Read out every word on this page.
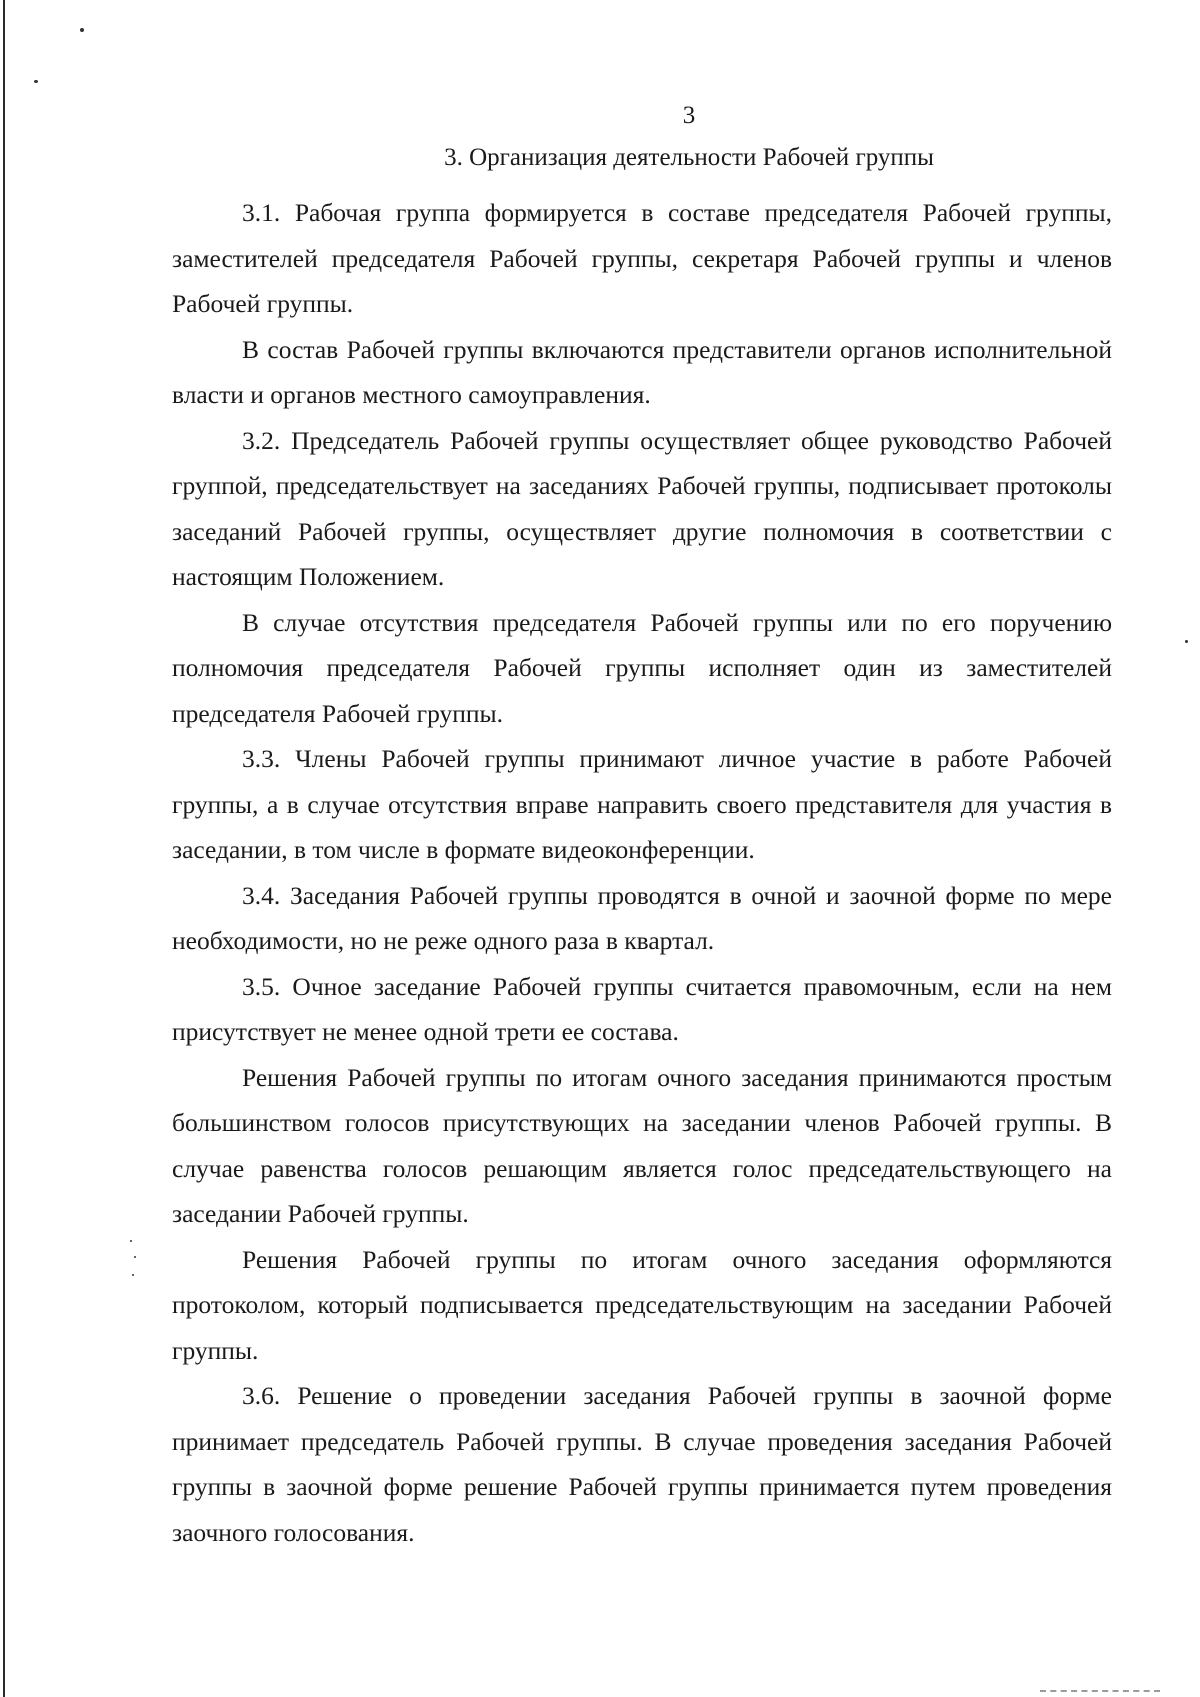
3
3. Организация деятельности Рабочей группы

3.1. Рабочая группа формируется в составе председателя Рабочей группы, заместителей председателя Рабочей группы, секретаря Рабочей группы и членов Рабочей группы.

В состав Рабочей группы включаются представители органов исполнительной власти и органов местного самоуправления.

3.2. Председатель Рабочей группы осуществляет общее руководство Рабочей группой, председательствует на заседаниях Рабочей группы, подписывает протоколы заседаний Рабочей группы, осуществляет другие полномочия в соответствии с настоящим Положением.

В случае отсутствия председателя Рабочей группы или по его поручению полномочия председателя Рабочей группы исполняет один из заместителей председателя Рабочей группы.

3.3. Члены Рабочей группы принимают личное участие в работе Рабочей группы, а в случае отсутствия вправе направить своего представителя для участия в заседании, в том числе в формате видеоконференции.

3.4. Заседания Рабочей группы проводятся в очной и заочной форме по мере необходимости, но не реже одного раза в квартал.

3.5. Очное заседание Рабочей группы считается правомочным, если на нем присутствует не менее одной трети ее состава.

Решения Рабочей группы по итогам очного заседания принимаются простым большинством голосов присутствующих на заседании членов Рабочей группы. В случае равенства голосов решающим является голос председательствующего на заседании Рабочей группы.

Решения Рабочей группы по итогам очного заседания оформляются протоколом, который подписывается председательствующим на заседании Рабочей группы.

3.6. Решение о проведении заседания Рабочей группы в заочной форме принимает председатель Рабочей группы. В случае проведения заседания Рабочей группы в заочной форме решение Рабочей группы принимается путем проведения заочного голосования.
